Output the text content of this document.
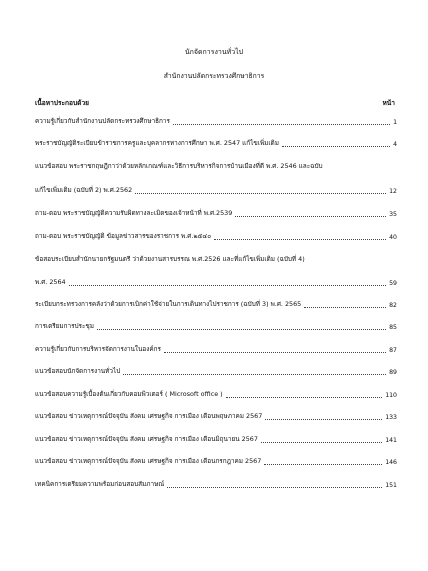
นักจัดการงานทั่วไป
สำนักงานปลัดกระทรวงศึกษาธิการ
เนื้อหาประกอบด้วย	หน้า
ความรู้เกี่ยวกับสำนักงานปลัดกระทรวงศึกษาธิการ	1
พระราชบัญญัติระเบียบข้าราชการครูและบุคลากรทางการศึกษา พ.ศ. 2547 แก้ไขเพิ่มเติม	4
แนวข้อสอบ พระราชกฤษฎีกาว่าด้วยหลักเกณฑ์และวิธีการบริหารกิจการบ้านเมืองที่ดี พ.ศ. 2546 และฉบับ
แก้ไขเพิ่มเติม (ฉบับที่ 2) พ.ศ.2562	12
ถาม-ตอบ พระราชบัญญัติความรับผิดทางละเมิดของเจ้าหน้าที่ พ.ศ.2539	35
ถาม-ตอบ พระราชบัญญัติ ข้อมูลข่าวสารของราชการ พ.ศ.๒๕๔๐	40
ข้อสอบระเบียบสำนักนายกรัฐมนตรี ว่าด้วยงานสารบรรณ พ.ศ.2526 และที่แก้ไขเพิ่มเติม (ฉบับที่ 4)
พ.ศ. 2564	59
ระเบียบกระทรวงการคลังว่าด้วยการเบิกค่าใช้จ่ายในการเดินทางไปราชการ (ฉบับที่ 3) พ.ศ. 2565	82
การเตรียมการประชุม	85
ความรู้เกี่ยวกับการบริหารจัดการงานในองค์กร	87
แนวข้อสอบนักจัดการงานทั่วไป	89
แนวข้อสอบความรู้เบื้องต้นเกี่ยวกับคอมพิวเตอร์ ( Microsoft office )	110
แนวข้อสอบ ข่าวเหตุการณ์ปัจจุบัน สังคม เศรษฐกิจ การเมือง เดือนพฤษภาคม 2567	133
แนวข้อสอบ ข่าวเหตุการณ์ปัจจุบัน สังคม เศรษฐกิจ การเมือง เดือนมิถุนายน 2567	141
แนวข้อสอบ ข่าวเหตุการณ์ปัจจุบัน สังคม เศรษฐกิจ การเมือง เดือนกรกฎาคม 2567	146
เทคนิคการเตรียมความพร้อมก่อนสอบสัมภาษณ์	151
